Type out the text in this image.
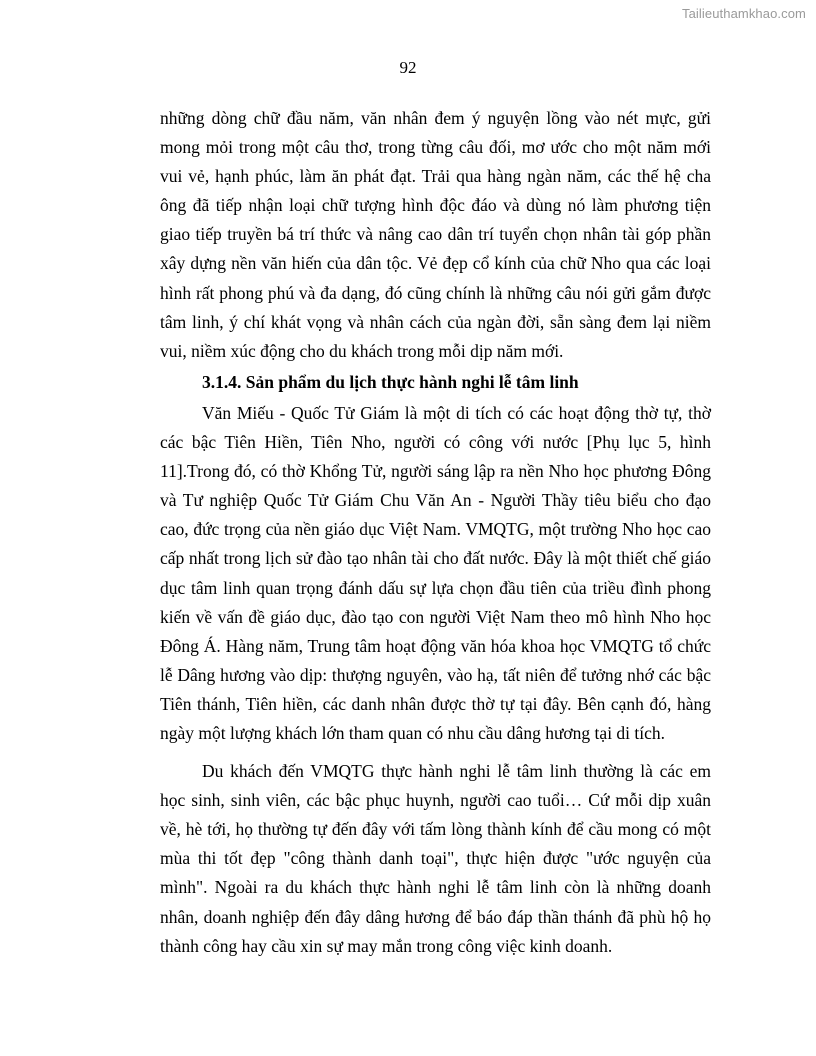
Tailieuthamkhao.com
92

những dòng chữ đầu năm, văn nhân đem ý nguyện lồng vào nét mực, gửi
mong mỏi trong một câu thơ, trong từng câu đối, mơ ước cho một năm mới
vui vẻ, hạnh phúc, làm ăn phát đạt. Trải qua hàng ngàn năm, các thế hệ cha
ông đã tiếp nhận loại chữ tượng hình độc đáo và dùng nó làm phương tiện
giao tiếp truyền bá trí thức và nâng cao dân trí tuyển chọn nhân tài góp phần
xây dựng nền văn hiến của dân tộc. Vẻ đẹp cổ kính của chữ Nho qua các loại
hình rất phong phú và đa dạng, đó cũng chính là những câu nói gửi gắm được
tâm linh, ý chí khát vọng và nhân cách của ngàn đời, sẵn sàng đem lại niềm
vui, niềm xúc động cho du khách trong mỗi dịp năm mới.

3.1.4. Sản phẩm du lịch thực hành nghi lễ tâm linh

Văn Miếu - Quốc Tử Giám là một di tích có các hoạt động thờ tự, thờ
các bậc Tiên Hiền, Tiên Nho, người có công với nước [Phụ lục 5, hình
11].Trong đó, có thờ Khổng Tử, người sáng lập ra nền Nho học phương Đông
và Tư nghiệp Quốc Tử Giám Chu Văn An - Người Thầy tiêu biểu cho đạo
cao, đức trọng của nền giáo dục Việt Nam. VMQTG, một trường Nho học cao
cấp nhất trong lịch sử đào tạo nhân tài cho đất nước. Đây là một thiết chế giáo
dục tâm linh quan trọng đánh dấu sự lựa chọn đầu tiên của triều đình phong
kiến về vấn đề giáo dục, đào tạo con người Việt Nam theo mô hình Nho học
Đông Á. Hàng năm, Trung tâm hoạt động văn hóa khoa học VMQTG tổ chức
lễ Dâng hương vào dịp: thượng nguyên, vào hạ, tất niên để tưởng nhớ các bậc
Tiên thánh, Tiên hiền, các danh nhân được thờ tự tại đây. Bên cạnh đó, hàng
ngày một lượng khách lớn tham quan có nhu cầu dâng hương tại di tích.

Du khách đến VMQTG thực hành nghi lễ tâm linh thường là các em
học sinh, sinh viên, các bậc phục huynh, người cao tuổi… Cứ mỗi dịp xuân
về, hè tới, họ thường tự đến đây với tấm lòng thành kính để cầu mong có một
mùa thi tốt đẹp "công thành danh toại", thực hiện được "ước nguyện của
mình". Ngoài ra du khách thực hành nghi lễ tâm linh còn là những doanh
nhân, doanh nghiệp đến đây dâng hương để báo đáp thần thánh đã phù hộ họ
thành công hay cầu xin sự may mắn trong công việc kinh doanh.
